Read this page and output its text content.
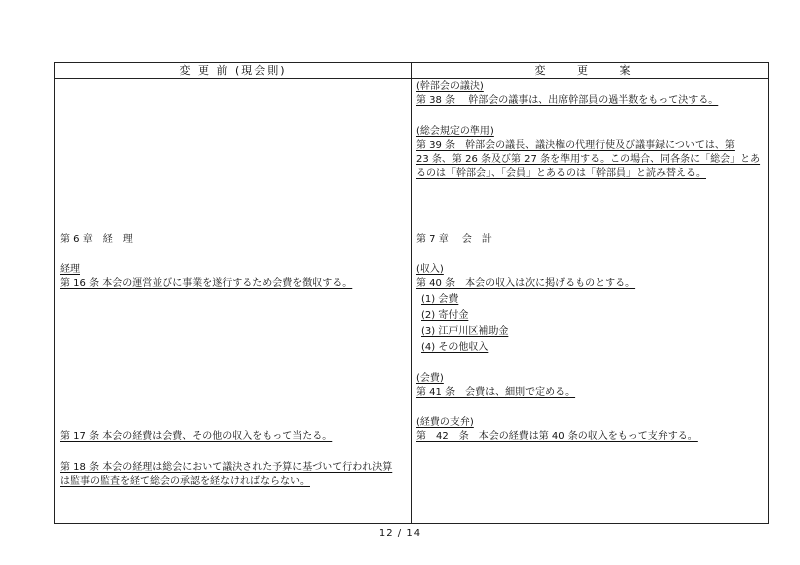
変 更 前 (現会則)	変 更 案
第 6 章　経　理
経理
第 16 条 本会の運営並びに事業を遂行するため会費を徴収する。
第 17 条 本会の経費は会費、その他の収入をもって当たる。
第 18 条 本会の経理は総会において議決された予算に基づいて行われ決算
は監事の監査を経て総会の承認を経なければならない。
(幹部会の議決)
第 38 条　 幹部会の議事は、出席幹部員の過半数をもって決する。
(総会規定の準用)
第 39 条　幹部会の議長、議決権の代理行使及び議事録については、第
23 条、第 26 条及び第 27 条を準用する。この場合、同各条に「総会」とあ
るのは「幹部会」、「会員」とあるのは「幹部員」と読み替える。
第 7 章　 会　計
(収入)
第 40 条　本会の収入は次に掲げるものとする。
(1) 会費
(2) 寄付金
(3) 江戸川区補助金
(4) その他収入
(会費)
第 41 条　会費は、細則で定める。
(経費の支弁)
第　42　条　本会の経費は第 40 条の収入をもって支弁する。
12 / 14
